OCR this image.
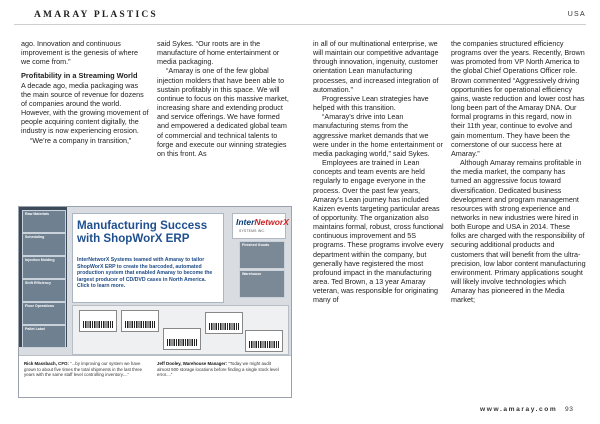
AMARAY PLASTICS	USA

ago. Innovation and continuous improvement is the genesis of where we come from.”

Profitability in a Streaming World

A decade ago, media packaging was the main source of revenue for dozens of companies around the world. However, with the growing movement of people acquiring content digitally, the industry is now experiencing erosion.

“We’re a company in transition,”

said Sykes. “Our roots are in the manufacture of home entertainment or media packaging.

“Amaray is one of the few global injection molders that have been able to sustain profitably in this space. We will continue to focus on this massive market, increasing share and extending product and service offerings. We have formed and empowered a dedicated global team of commercial and technical talents to forge and execute our winning strategies on this front. As

in all of our multinational enterprise, we will maintain our competitive advantage through innovation, ingenuity, customer orientation Lean manufacturing processes, and increased integration of automation.”

Progressive Lean strategies have helped with this transition.

“Amaray’s drive into Lean manufacturing stems from the aggressive market demands that we were under in the home entertainment or media packaging world,” said Sykes.

Employees are trained in Lean concepts and team events are held regularly to engage everyone in the process. Over the past few years, Amaray’s Lean journey has included Kaizen events targeting particular areas of opportunity. The organization also maintains formal, robust, cross functional continuous improvement and 5S programs. These programs involve every department within the company, but generally have registered the most profound impact in the manufacturing area. Ted Brown, a 13 year Amaray veteran, was responsible for originating many of

the companies structured efficiency programs over the years. Recently, Brown was promoted from VP North America to the global Chief Operations Officer role. Brown commented “Aggressively driving opportunities for operational efficiency gains, waste reduction and lower cost has long been part of the Amaray DNA. Our formal programs in this regard, now in their 11th year, continue to evolve and gain momentum. They have been the cornerstone of our success here at Amaray.”

Although Amaray remains profitable in the media market, the company has turned an aggressive focus toward diversification. Dedicated business development and program management resources with strong experience and networks in new industries were hired in both Europe and USA in 2014. These folks are charged with the responsibility of securing additional products and customers that will benefit from the ultra-precision, low labor content manufacturing environment. Primary applications sought will likely involve technologies which Amaray has pioneered in the Media market;

Raw Materials
Scheduling
Injection Molding
Shift Efficiency
Floor Operations
Pallet Label
Manufacturing Success with ShopWorX ERP
InterNetworX Systems teamed with Amaray to tailor ShopWorX ERP to create the barcoded, automated production system that enabled Amaray to become the largest producer of CD/DVD cases in North America. Click to learn more.
InterNetworX
SYSTEMS INC.
Finished Goods
Warehouse
Rick Massbach, CFO: “...by improving our system we have grown to about five times the total shipments in the last three years with the same staff level controlling inventory....”
Jeff Dooley, Warehouse Manager: “Today we might audit almost 500 storage locations before finding a single stock level error....”
www.amaray.com 93
